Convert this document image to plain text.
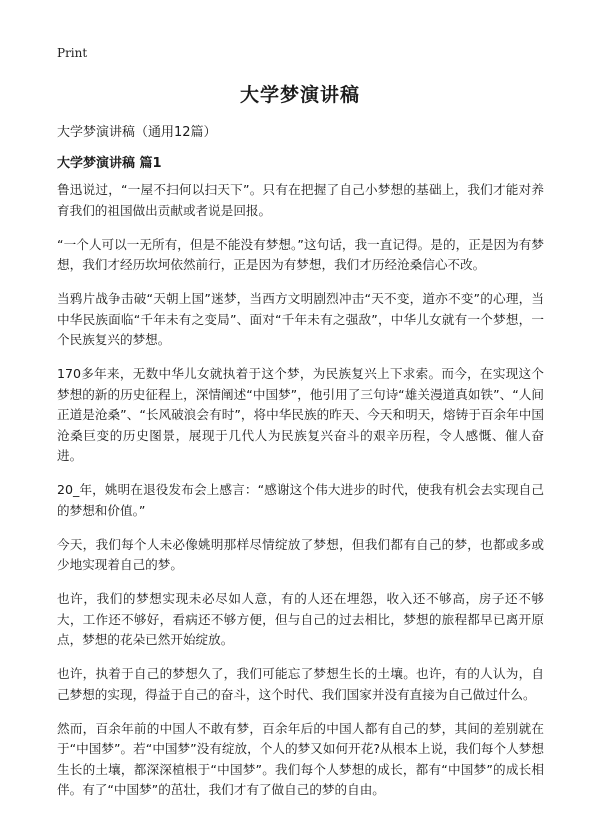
Print
大学梦演讲稿
大学梦演讲稿（通用12篇）
大学梦演讲稿 篇1

鲁迅说过，“一屋不扫何以扫天下”。只有在把握了自己小梦想的基础上，我们才能对养育我们的祖国做出贡献或者说是回报。

“一个人可以一无所有，但是不能没有梦想。”这句话，我一直记得。是的，正是因为有梦想，我们才经历坎坷依然前行，正是因为有梦想，我们才历经沧桑信心不改。

当鸦片战争击破“天朝上国”迷梦，当西方文明剧烈冲击“天不变，道亦不变”的心理，当中华民族面临“千年未有之变局”、面对“千年未有之强敌”，中华儿女就有一个梦想，一个民族复兴的梦想。

170多年来，无数中华儿女就执着于这个梦，为民族复兴上下求索。而今，在实现这个梦想的新的历史征程上，深情阐述“中国梦”，他引用了三句诗“雄关漫道真如铁”、“人间正道是沧桑”、“长风破浪会有时”，将中华民族的昨天、今天和明天，熔铸于百余年中国沧桑巨变的历史图景，展现于几代人为民族复兴奋斗的艰辛历程，令人感慨、催人奋进。

20_年，姚明在退役发布会上感言：“感谢这个伟大进步的时代，使我有机会去实现自己的梦想和价值。”

今天，我们每个人未必像姚明那样尽情绽放了梦想，但我们都有自己的梦，也都或多或少地实现着自己的梦。

也许，我们的梦想实现未必尽如人意，有的人还在埋怨，收入还不够高，房子还不够大，工作还不够好，看病还不够方便，但与自己的过去相比，梦想的旅程都早已离开原点，梦想的花朵已然开始绽放。

也许，执着于自己的梦想久了，我们可能忘了梦想生长的土壤。也许，有的人认为，自己梦想的实现，得益于自己的奋斗，这个时代、我们国家并没有直接为自己做过什么。

然而，百余年前的中国人不敢有梦，百余年后的中国人都有自己的梦，其间的差别就在于“中国梦”。若“中国梦”没有绽放，个人的梦又如何开花?从根本上说，我们每个人梦想生长的土壤，都深深植根于“中国梦”。我们每个人梦想的成长，都有“中国梦”的成长相伴。有了“中国梦”的茁壮，我们才有了做自己的梦的自由。
